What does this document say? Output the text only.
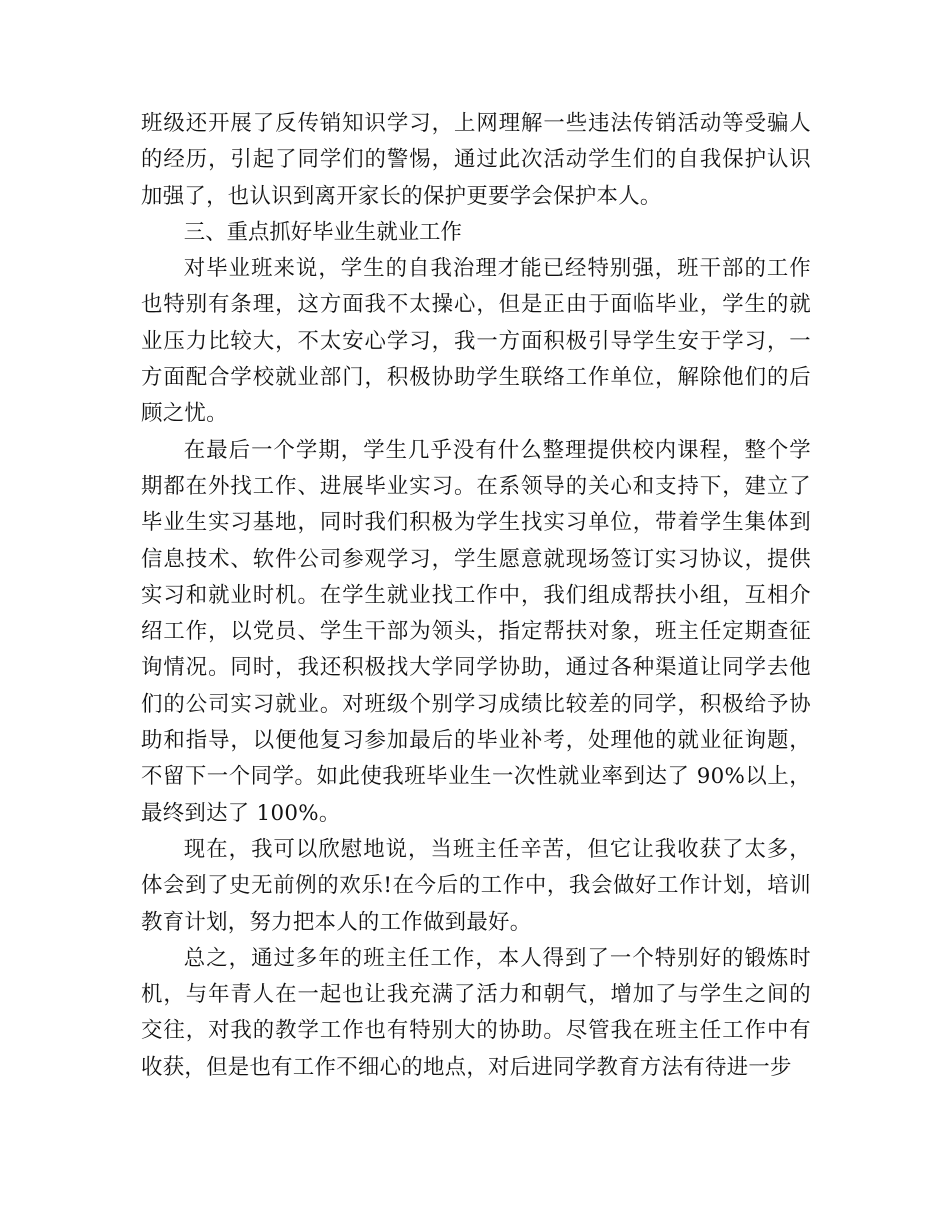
班级还开展了反传销知识学习，上网理解一些违法传销活动等受骗人的经历，引起了同学们的警惕，通过此次活动学生们的自我保护认识加强了，也认识到离开家长的保护更要学会保护本人。

三、重点抓好毕业生就业工作

对毕业班来说，学生的自我治理才能已经特别强，班干部的工作也特别有条理，这方面我不太操心，但是正由于面临毕业，学生的就业压力比较大，不太安心学习，我一方面积极引导学生安于学习，一方面配合学校就业部门，积极协助学生联络工作单位，解除他们的后顾之忧。

在最后一个学期，学生几乎没有什么整理提供校内课程，整个学期都在外找工作、进展毕业实习。在系领导的关心和支持下，建立了毕业生实习基地，同时我们积极为学生找实习单位，带着学生集体到信息技术、软件公司参观学习，学生愿意就现场签订实习协议，提供实习和就业时机。在学生就业找工作中，我们组成帮扶小组，互相介绍工作，以党员、学生干部为领头，指定帮扶对象，班主任定期查征询情况。同时，我还积极找大学同学协助，通过各种渠道让同学去他们的公司实习就业。对班级个别学习成绩比较差的同学，积极给予协助和指导，以便他复习参加最后的毕业补考，处理他的就业征询题，不留下一个同学。如此使我班毕业生一次性就业率到达了 90%以上，最终到达了 100%。

现在，我可以欣慰地说，当班主任辛苦，但它让我收获了太多，体会到了史无前例的欢乐!在今后的工作中，我会做好工作计划，培训教育计划，努力把本人的工作做到最好。

总之，通过多年的班主任工作，本人得到了一个特别好的锻炼时机，与年青人在一起也让我充满了活力和朝气，增加了与学生之间的交往，对我的教学工作也有特别大的协助。尽管我在班主任工作中有收获，但是也有工作不细心的地点，对后进同学教育方法有待进一步
